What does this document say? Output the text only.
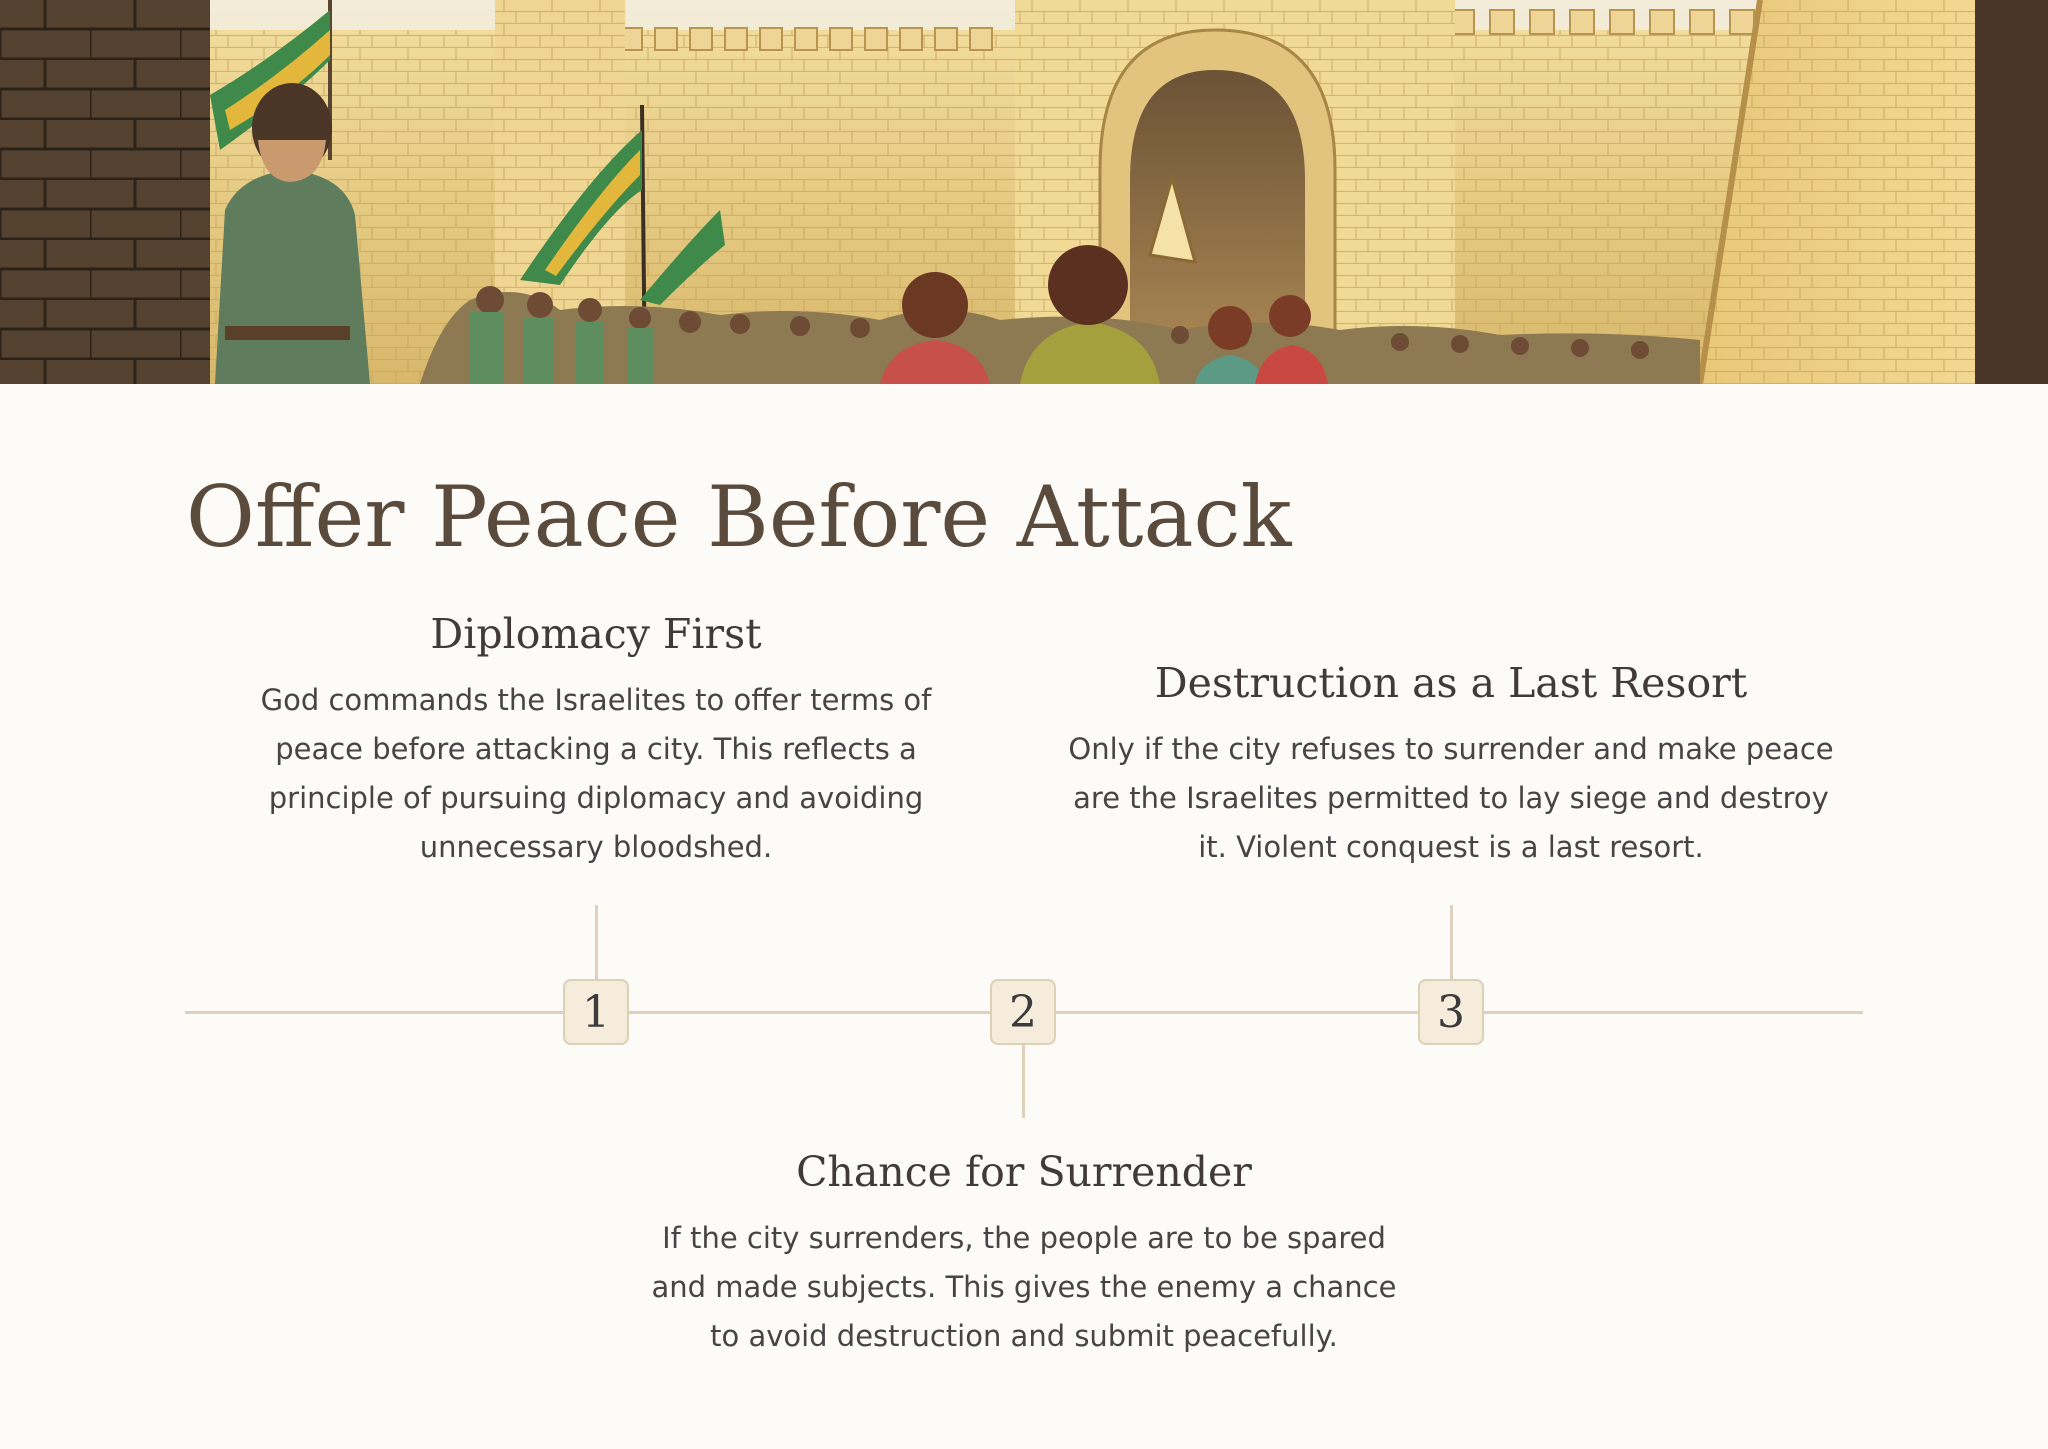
Offer Peace Before Attack
1	2	3
Diplomacy First

God commands the Israelites to offer terms of peace before attacking a city. This reflects a principle of pursuing diplomacy and avoiding unnecessary bloodshed.

Destruction as a Last Resort

Only if the city refuses to surrender and make peace are the Israelites permitted to lay siege and destroy it. Violent conquest is a last resort.

Chance for Surrender

If the city surrenders, the people are to be spared and made subjects. This gives the enemy a chance to avoid destruction and submit peacefully.
